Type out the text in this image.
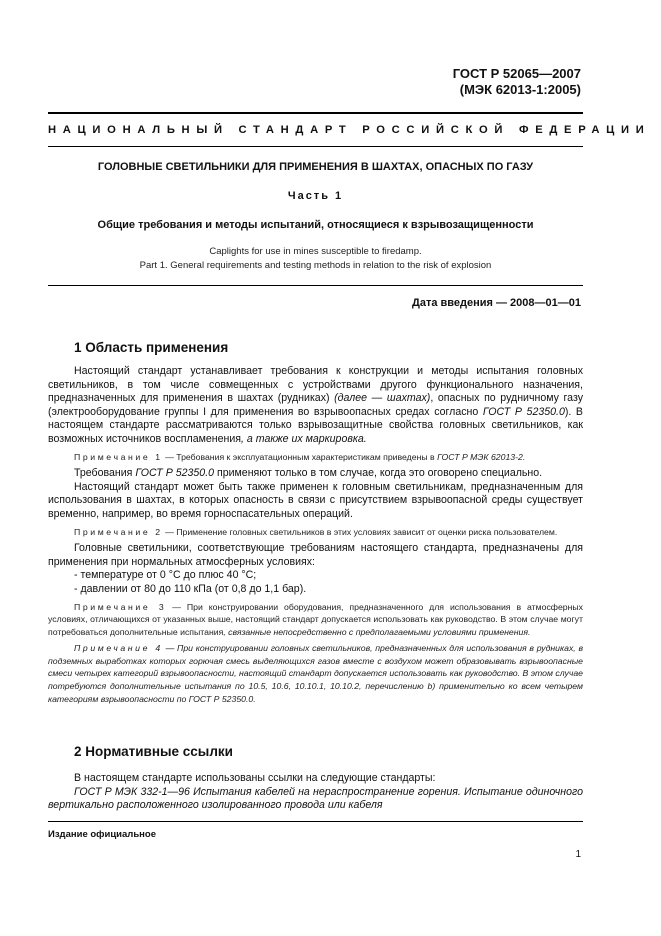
ГОСТ Р 52065—2007
(МЭК 62013-1:2005)
НАЦИОНАЛЬНЫЙ СТАНДАРТ РОССИЙСКОЙ ФЕДЕРАЦИИ
ГОЛОВНЫЕ СВЕТИЛЬНИКИ ДЛЯ ПРИМЕНЕНИЯ В ШАХТАХ, ОПАСНЫХ ПО ГАЗУ
Часть 1
Общие требования и методы испытаний, относящиеся к взрывозащищенности
Caplights for use in mines susceptible to firedamp.
Part 1. General requirements and testing methods in relation to the risk of explosion
Дата введения — 2008—01—01
1 Область применения

Настоящий стандарт устанавливает требования к конструкции и методы испытания головных светильников, в том числе совмещенных с устройствами другого функционального назначения, предназначенных для применения в шахтах (рудниках) (далее — шахтах), опасных по рудничному газу (электрооборудование группы I для применения во взрывоопасных средах согласно ГОСТ Р 52350.0). В настоящем стандарте рассматриваются только взрывозащитные свойства головных светильников, как возможных источников воспламенения, а также их маркировка.

Примечание 1 — Требования к эксплуатационным характеристикам приведены в ГОСТ Р МЭК 62013-2.

Требования ГОСТ Р 52350.0 применяют только в том случае, когда это оговорено специально.

Настоящий стандарт может быть также применен к головным светильникам, предназначенным для использования в шахтах, в которых опасность в связи с присутствием взрывоопасной среды существует временно, например, во время горноспасательных операций.

Примечание 2 — Применение головных светильников в этих условиях зависит от оценки риска пользователем.

Головные светильники, соответствующие требованиям настоящего стандарта, предназначены для применения при нормальных атмосферных условиях:

- температуре от 0 °С до плюс 40 °С;
- давлении от 80 до 110 кПа (от 0,8 до 1,1 бар).

Примечание 3 — При конструировании оборудования, предназначенного для использования в атмосферных условиях, отличающихся от указанных выше, настоящий стандарт допускается использовать как руководство. В этом случае могут потребоваться дополнительные испытания, связанные непосредственно с предполагаемыми условиями применения.

Примечание 4 — При конструировании головных светильников, предназначенных для использования в рудниках, в подземных выработках которых горючая смесь выделяющихся газов вместе с воздухом может образовывать взрывоопасные смеси четырех категорий взрывоопасности, настоящий стандарт допускается использовать как руководство. В этом случае потребуются дополнительные испытания по 10.5, 10.6, 10.10.1, 10.10.2, перечислению b) применительно ко всем четырем категориям взрывоопасности по ГОСТ Р 52350.0.

2 Нормативные ссылки

В настоящем стандарте использованы ссылки на следующие стандарты:

ГОСТ Р МЭК 332-1—96 Испытания кабелей на нераспространение горения. Испытание одиночного вертикально расположенного изолированного провода или кабеля

Издание официальное
1
